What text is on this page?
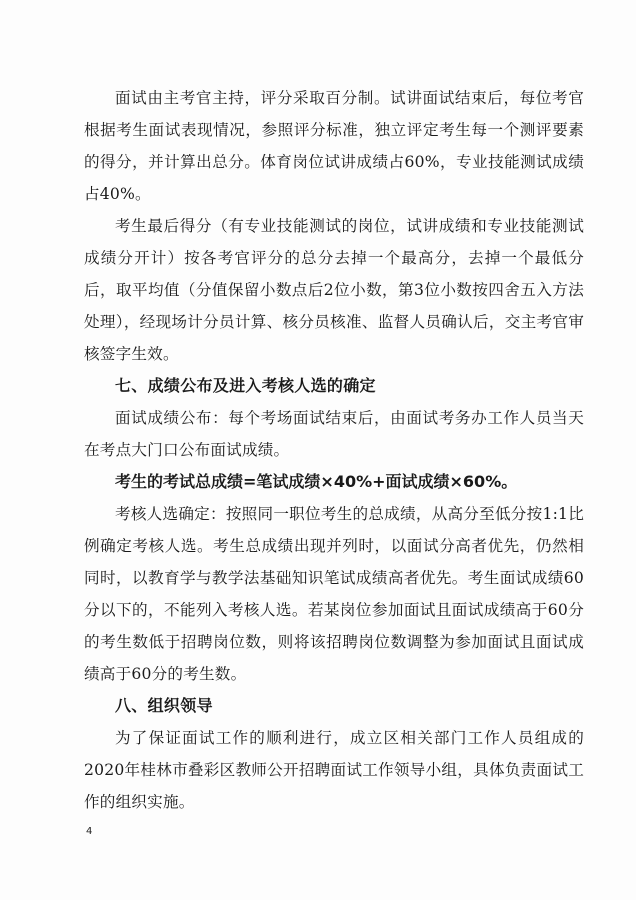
面试由主考官主持，评分采取百分制。试讲面试结束后，每位考官根据考生面试表现情况，参照评分标准，独立评定考生每一个测评要素的得分，并计算出总分。体育岗位试讲成绩占60%，专业技能测试成绩占40%。

考生最后得分（有专业技能测试的岗位，试讲成绩和专业技能测试成绩分开计）按各考官评分的总分去掉一个最高分，去掉一个最低分后，取平均值（分值保留小数点后2位小数，第3位小数按四舍五入方法处理），经现场计分员计算、核分员核准、监督人员确认后，交主考官审核签字生效。

七、成绩公布及进入考核人选的确定

面试成绩公布：每个考场面试结束后，由面试考务办工作人员当天在考点大门口公布面试成绩。

考生的考试总成绩=笔试成绩×40%+面试成绩×60%。

考核人选确定：按照同一职位考生的总成绩，从高分至低分按1:1比例确定考核人选。考生总成绩出现并列时，以面试分高者优先，仍然相同时，以教育学与教学法基础知识笔试成绩高者优先。考生面试成绩60分以下的，不能列入考核人选。若某岗位参加面试且面试成绩高于60分的考生数低于招聘岗位数，则将该招聘岗位数调整为参加面试且面试成绩高于60分的考生数。

八、组织领导

为了保证面试工作的顺利进行，成立区相关部门工作人员组成的2020年桂林市叠彩区教师公开招聘面试工作领导小组，具体负责面试工作的组织实施。

4
